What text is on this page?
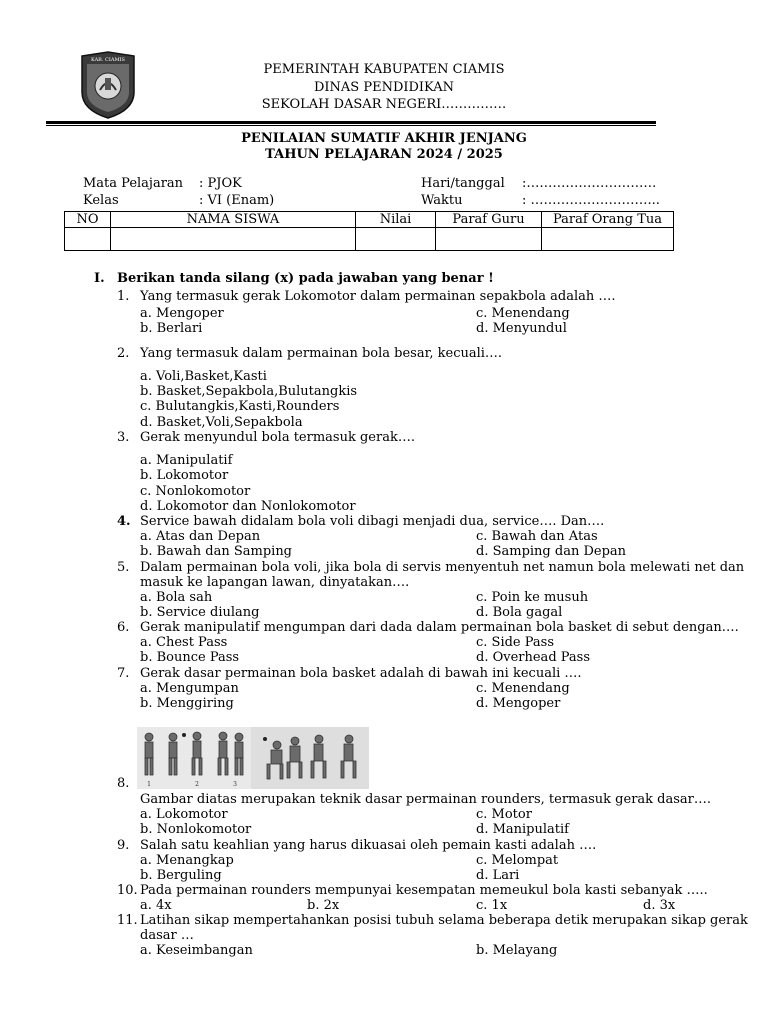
KAB. CIAMIS
PEMERINTAH KABUPATEN CIAMIS
DINAS PENDIDIKAN
SEKOLAH DASAR NEGERI……………
PENILAIAN SUMATIF AKHIR JENJANG
TAHUN PELAJARAN 2024 / 2025
Mata Pelajaran : PJOK	Hari/tanggal :…………………………
Kelas	: VI (Enam)	Waktu	: ………………………...
NO	NAMA SISWA	Nilai	Paraf Guru	Paraf Orang Tua

I. Berikan tanda silang (x) pada jawaban yang benar !
1. Yang termasuk gerak Lokomotor dalam permainan sepakbola adalah ….
a. Mengoper
b. Berlari
c. Menendang
d. Menyundul
2. Yang termasuk dalam permainan bola besar, kecuali….
a. Voli,Basket,Kasti
b. Basket,Sepakbola,Bulutangkis
c. Bulutangkis,Kasti,Rounders
d. Basket,Voli,Sepakbola
3. Gerak menyundul bola termasuk gerak….
a. Manipulatif
b. Lokomotor
c. Nonlokomotor
d. Lokomotor dan Nonlokomotor
4. Service bawah didalam bola voli dibagi menjadi dua, service…. Dan….
a. Atas dan Depan
b. Bawah dan Samping
c. Bawah dan Atas
d. Samping dan Depan
5. Dalam permainan bola voli, jika bola di servis menyentuh net namun bola melewati net dan
masuk ke lapangan lawan, dinyatakan….
a. Bola sah
b. Service diulang
c. Poin ke musuh
d. Bola gagal
6. Gerak manipulatif mengumpan dari dada dalam permainan bola basket di sebut dengan….
a. Chest Pass
b. Bounce Pass
c. Side Pass
d. Overhead Pass
7. Gerak dasar permainan bola basket adalah di bawah ini kecuali ….
a. Mengumpan
b. Menggiring
c. Menendang
d. Mengoper
1	2	3
8.
Gambar diatas merupakan teknik dasar permainan rounders, termasuk gerak dasar….
a. Lokomotor
b. Nonlokomotor
c. Motor
d. Manipulatif
9. Salah satu keahlian yang harus dikuasai oleh pemain kasti adalah ….
a. Menangkap
b. Berguling
c. Melompat
d. Lari
10. Pada permainan rounders mempunyai kesempatan memeukul bola kasti sebanyak …..
a. 4x	b. 2x	c. 1x	d. 3x
11. Latihan sikap mempertahankan posisi tubuh selama beberapa detik merupakan sikap gerak
dasar …
a. Keseimbangan	b. Melayang
